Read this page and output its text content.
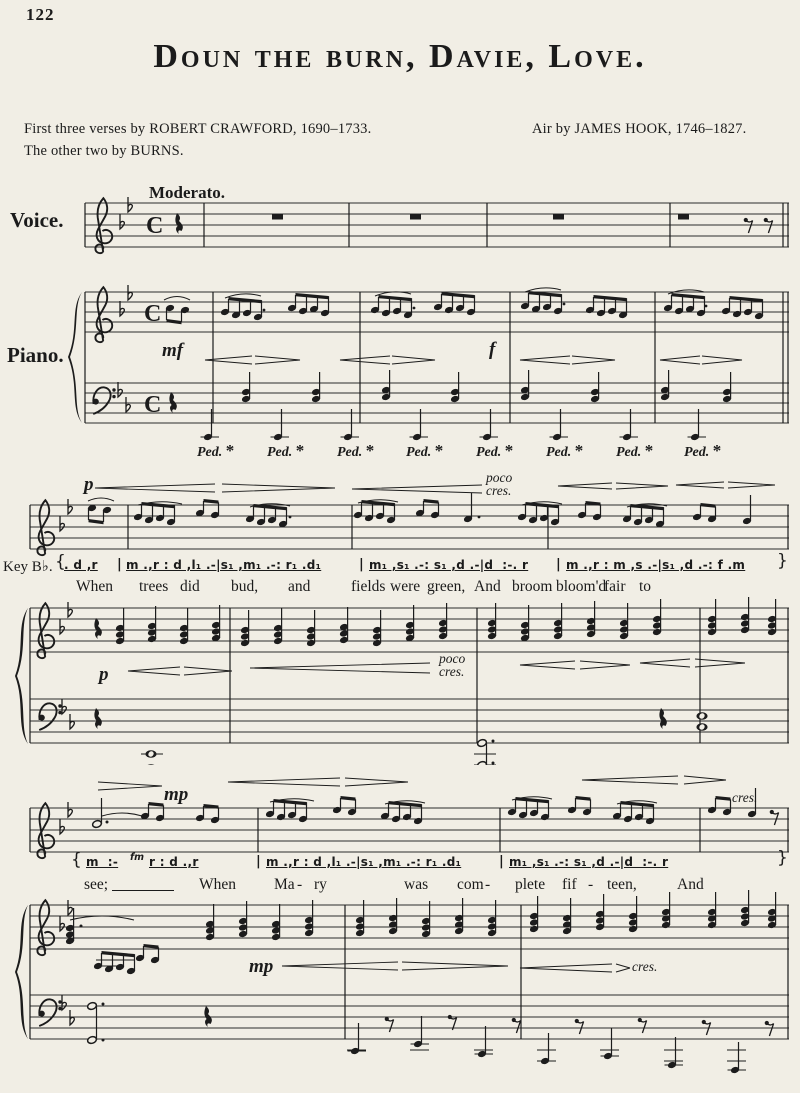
C
C
C
122
Doun the burn, Davie, Love.
First three verses by ROBERT CRAWFORD, 1690–1733.
The other two by BURNS.
Air by JAMES HOOK, 1746–1827.
Moderato.
Voice.
Piano.	mf	f
Ped. * Ped. * Ped. * Ped. * Ped. * Ped. * Ped. * Ped. *
p	poco
cres.
Key B♭. {
. d ,r | m .,r : d ,l₁ .-|s₁ ,m₁ .-: r₁ .d₁	| m₁ ,s₁ .-: s₁ ,d .-|d  :-. r | m .,r : m ,s .-|s₁ ,d .-: f .m }
When trees did bud, and	fields were green, And broom bloom'd
fair to
p
poco
cres.
mp	cres.
{ m  :- fm r : d .,r	| m .,r : d ,l₁ .-|s₁ ,m₁ .-: r₁ .d₁	| m₁ ,s₁ .-: s₁ ,d .-|d  :-. r	}
see;	When Ma - ry	was com - plete fif - teen,	And
mp	cres.
